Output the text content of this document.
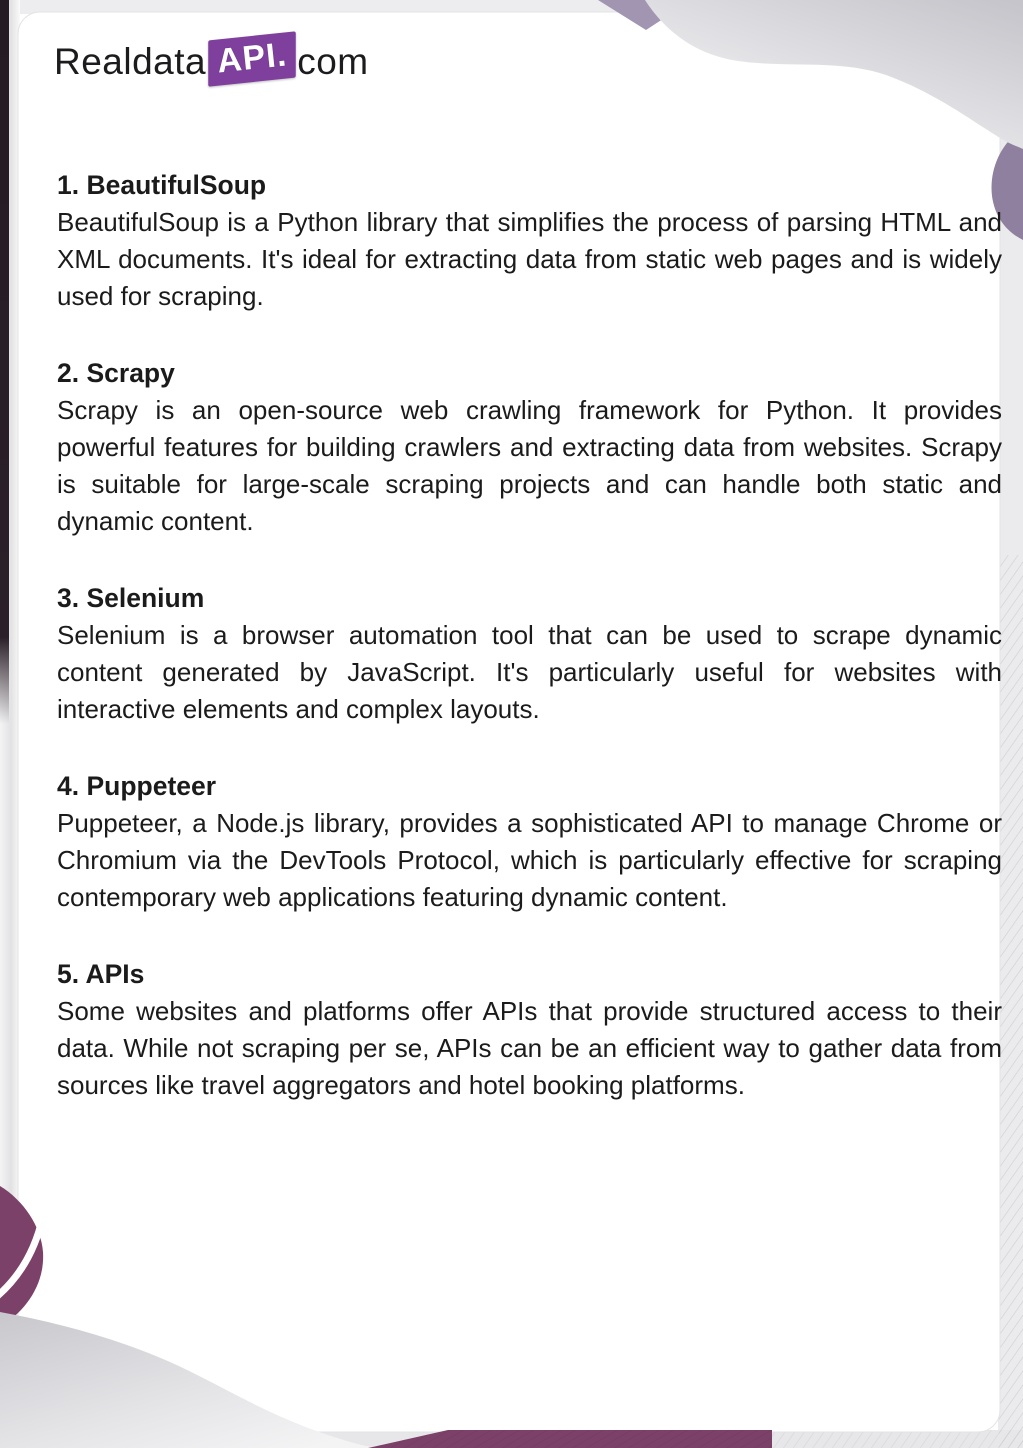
Realdata API. com
1. BeautifulSoup

BeautifulSoup is a Python library that simplifies the process of parsing HTML and XML documents. It's ideal for extracting data from static web pages and is widely used for scraping.

2. Scrapy

Scrapy is an open-source web crawling framework for Python. It provides powerful features for building crawlers and extracting data from websites. Scrapy is suitable for large-scale scraping projects and can handle both static and dynamic content.

3. Selenium

Selenium is a browser automation tool that can be used to scrape dynamic content generated by JavaScript. It's particularly useful for websites with interactive elements and complex layouts.

4. Puppeteer

Puppeteer, a Node.js library, provides a sophisticated API to manage Chrome or Chromium via the DevTools Protocol, which is particularly effective for scraping contemporary web applications featuring dynamic content.

5. APIs

Some websites and platforms offer APIs that provide structured access to their data. While not scraping per se, APIs can be an efficient way to gather data from sources like travel aggregators and hotel booking platforms.
